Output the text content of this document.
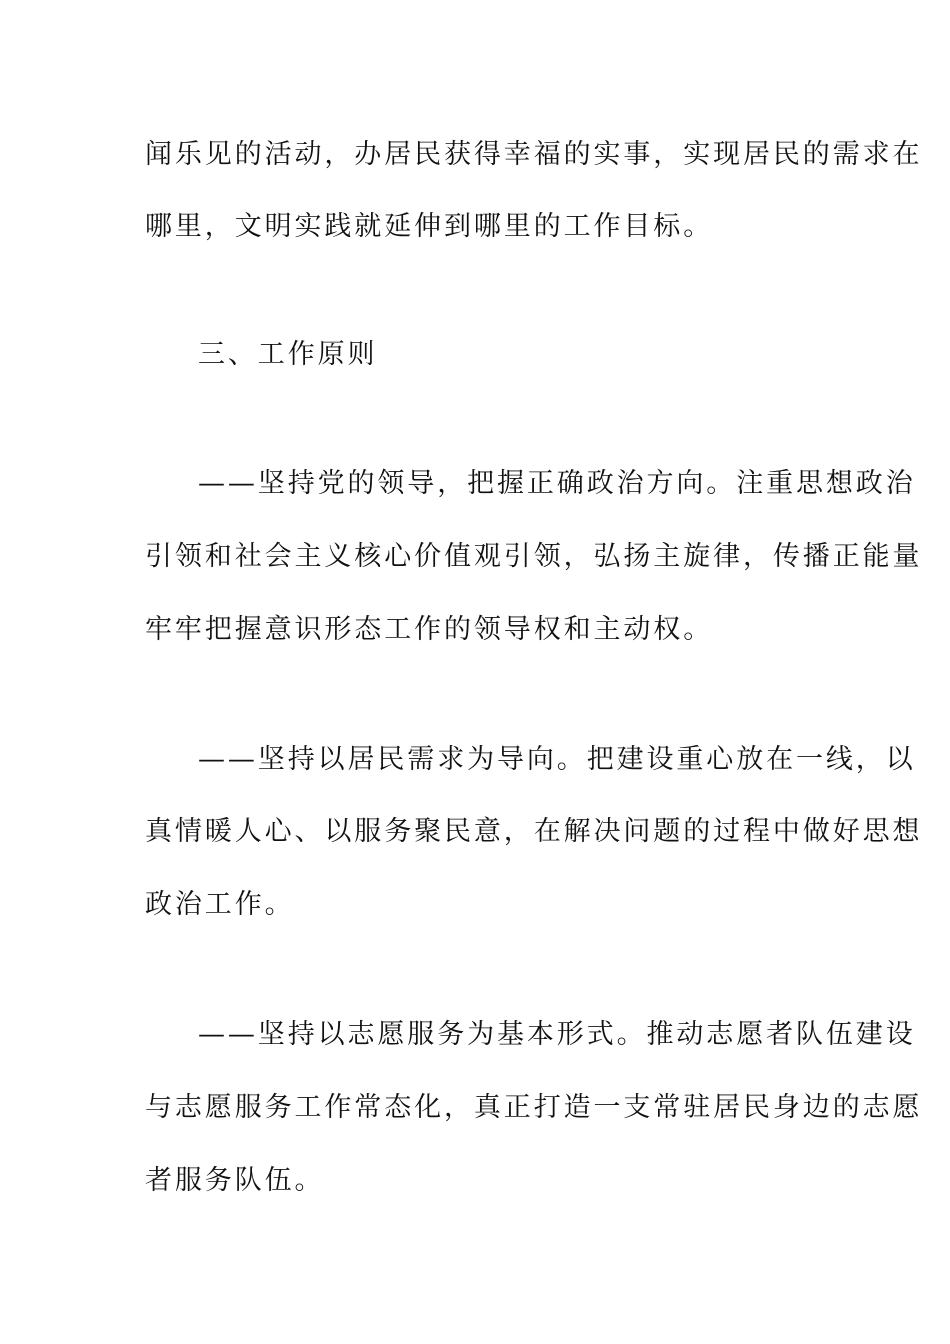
闻乐见的活动，办居民获得幸福的实事，实现居民的需求在
哪里，文明实践就延伸到哪里的工作目标。
三、工作原则
——坚持党的领导，把握正确政治方向。注重思想政治
引领和社会主义核心价值观引领，弘扬主旋律，传播正能量
牢牢把握意识形态工作的领导权和主动权。
——坚持以居民需求为导向。把建设重心放在一线，以
真情暖人心、以服务聚民意，在解决问题的过程中做好思想
政治工作。
——坚持以志愿服务为基本形式。推动志愿者队伍建设
与志愿服务工作常态化，真正打造一支常驻居民身边的志愿
者服务队伍。
